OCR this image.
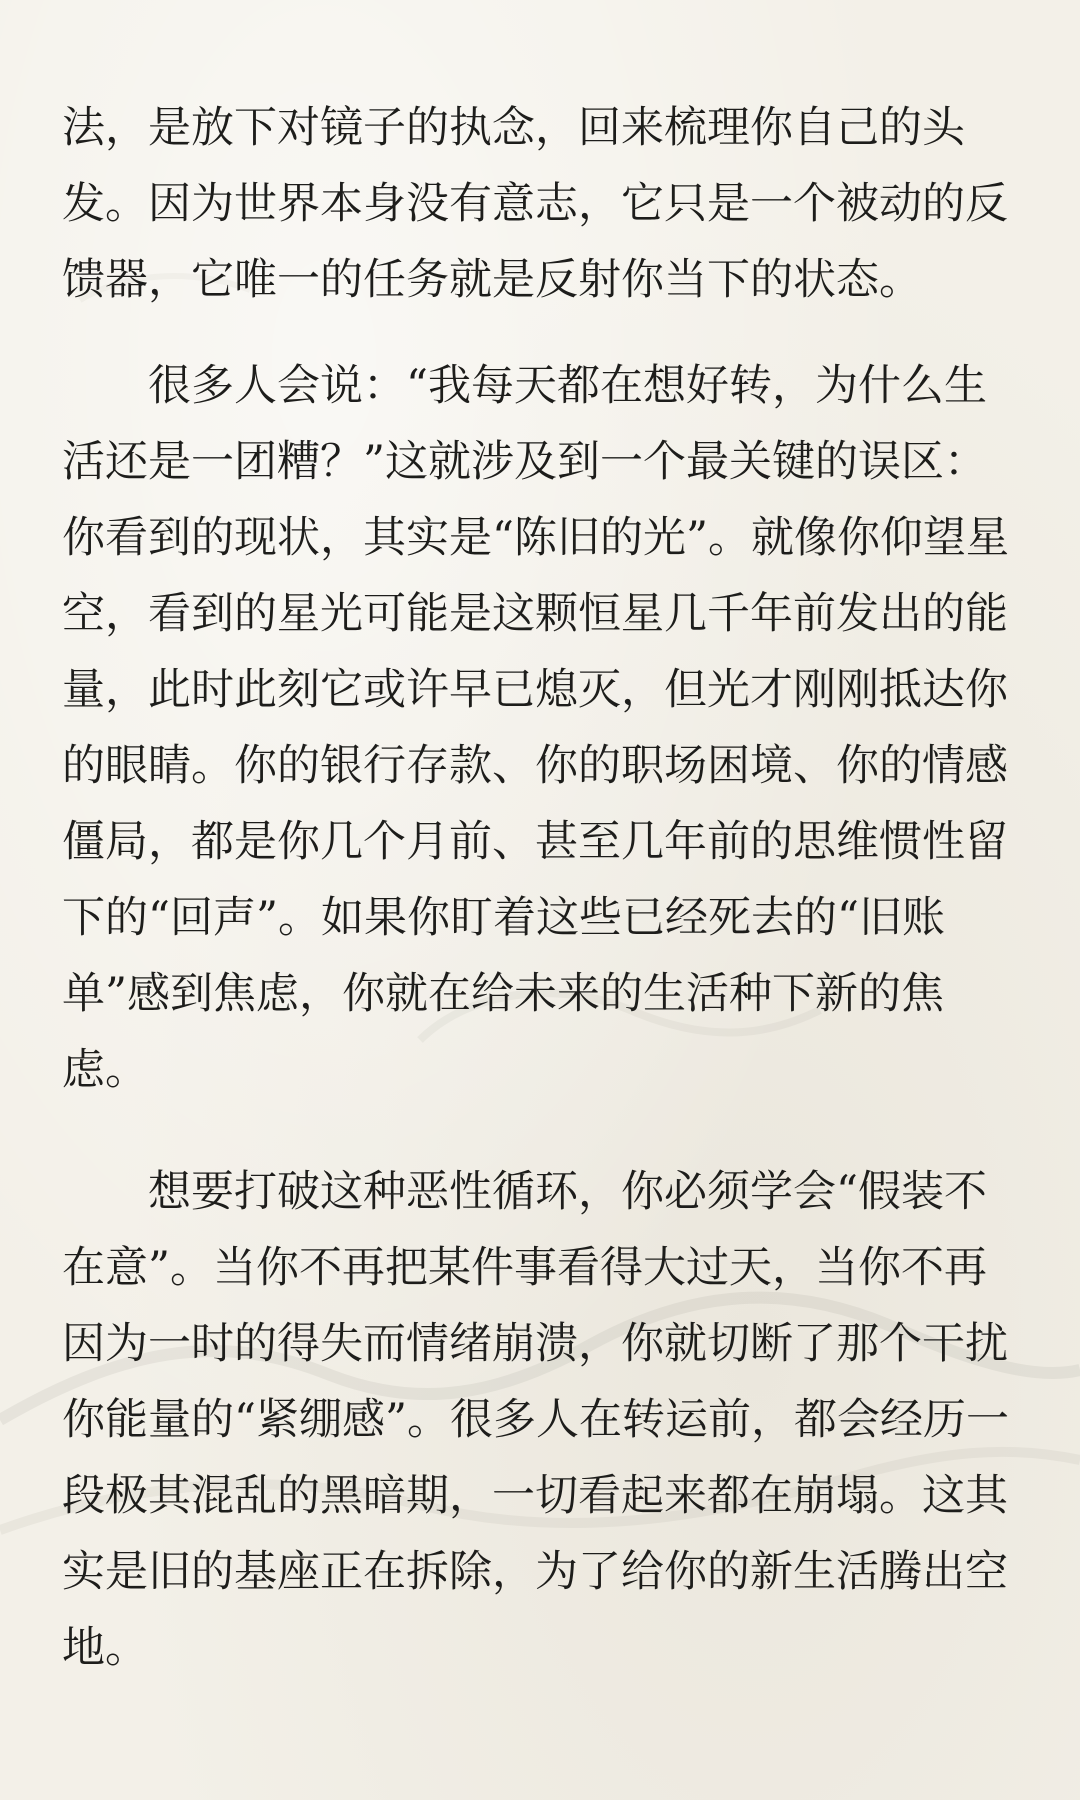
法，是放下对镜子的执念，回来梳理你自己的头
发。因为世界本身没有意志，它只是一个被动的反
馈器，它唯一的任务就是反射你当下的状态。
　　很多人会说：“我每天都在想好转，为什么生
活还是一团糟？”这就涉及到一个最关键的误区：
你看到的现状，其实是“陈旧的光”。就像你仰望星
空，看到的星光可能是这颗恒星几千年前发出的能
量，此时此刻它或许早已熄灭，但光才刚刚抵达你
的眼睛。你的银行存款、你的职场困境、你的情感
僵局，都是你几个月前、甚至几年前的思维惯性留
下的“回声”。如果你盯着这些已经死去的“旧账
单”感到焦虑，你就在给未来的生活种下新的焦
虑。
　　想要打破这种恶性循环，你必须学会“假装不
在意”。当你不再把某件事看得大过天，当你不再
因为一时的得失而情绪崩溃，你就切断了那个干扰
你能量的“紧绷感”。很多人在转运前，都会经历一
段极其混乱的黑暗期，一切看起来都在崩塌。这其
实是旧的基座正在拆除，为了给你的新生活腾出空
地。
